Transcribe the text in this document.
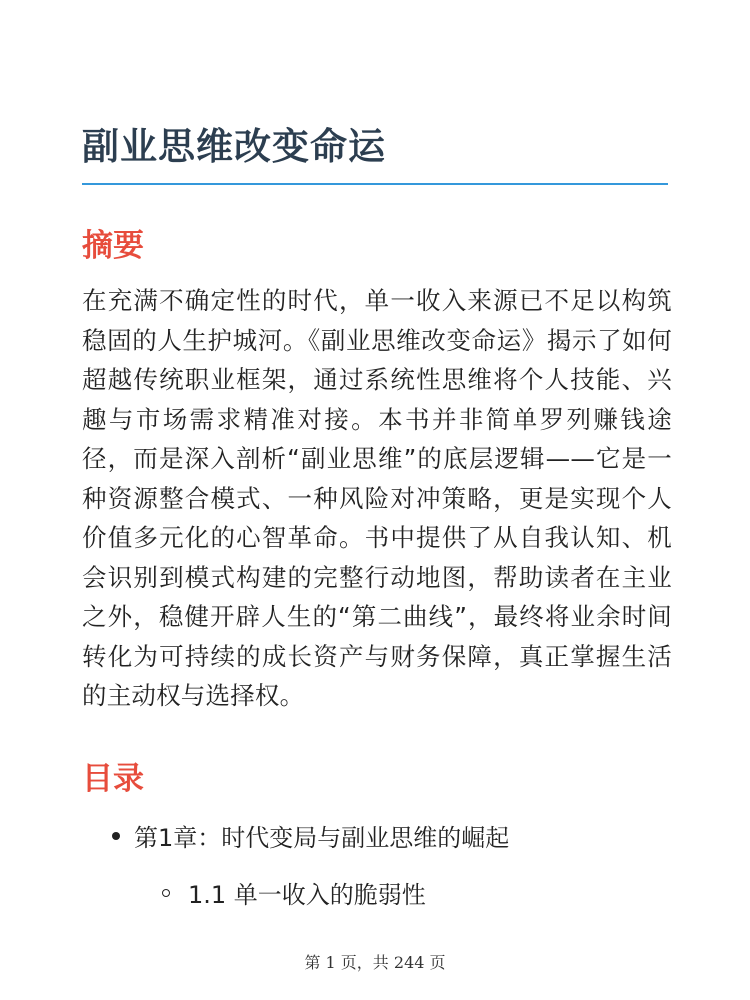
副业思维改变命运
摘要

在充满不确定性的时代，单一收入来源已不足以构筑稳固的人生护城河。《副业思维改变命运》揭示了如何超越传统职业框架，通过系统性思维将个人技能、兴趣与市场需求精准对接。本书并非简单罗列赚钱途径，而是深入剖析“副业思维”的底层逻辑——它是一种资源整合模式、一种风险对冲策略，更是实现个人价值多元化的心智革命。书中提供了从自我认知、机会识别到模式构建的完整行动地图，帮助读者在主业之外，稳健开辟人生的“第二曲线”，最终将业余时间转化为可持续的成长资产与财务保障，真正掌握生活的主动权与选择权。

目录
第1章：时代变局与副业思维的崛起
1.1 单一收入的脆弱性
第 1 页，共 244 页
